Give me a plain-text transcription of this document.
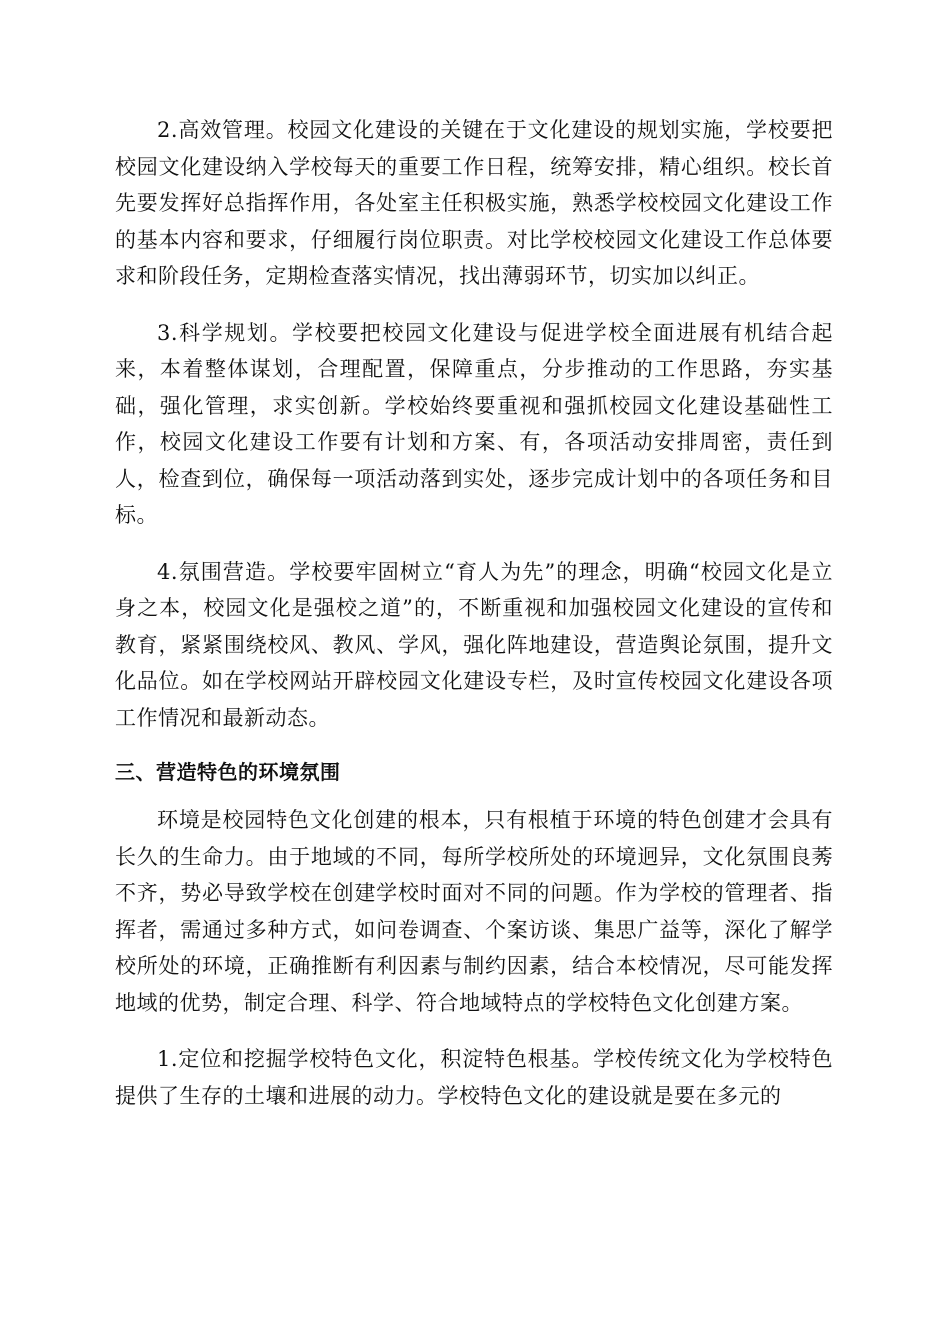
2.高效管理。校园文化建设的关键在于文化建设的规划实施，学校要把校园文化建设纳入学校每天的重要工作日程，统筹安排，精心组织。校长首先要发挥好总指挥作用，各处室主任积极实施，熟悉学校校园文化建设工作的基本内容和要求，仔细履行岗位职责。对比学校校园文化建设工作总体要求和阶段任务，定期检查落实情况，找出薄弱环节，切实加以纠正。

3.科学规划。学校要把校园文化建设与促进学校全面进展有机结合起来，本着整体谋划，合理配置，保障重点，分步推动的工作思路，夯实基础，强化管理，求实创新。学校始终要重视和强抓校园文化建设基础性工作，校园文化建设工作要有计划和方案、有，各项活动安排周密，责任到人，检查到位，确保每一项活动落到实处，逐步完成计划中的各项任务和目标。

4.氛围营造。学校要牢固树立“育人为先”的理念，明确“校园文化是立身之本，校园文化是强校之道”的，不断重视和加强校园文化建设的宣传和教育，紧紧围绕校风、教风、学风，强化阵地建设，营造舆论氛围，提升文化品位。如在学校网站开辟校园文化建设专栏，及时宣传校园文化建设各项工作情况和最新动态。

三、营造特色的环境氛围

环境是校园特色文化创建的根本，只有根植于环境的特色创建才会具有长久的生命力。由于地域的不同，每所学校所处的环境迥异，文化氛围良莠不齐，势必导致学校在创建学校时面对不同的问题。作为学校的管理者、指挥者，需通过多种方式，如问卷调查、个案访谈、集思广益等，深化了解学校所处的环境，正确推断有利因素与制约因素，结合本校情况，尽可能发挥地域的优势，制定合理、科学、符合地域特点的学校特色文化创建方案。

1.定位和挖掘学校特色文化，积淀特色根基。学校传统文化为学校特色提供了生存的土壤和进展的动力。学校特色文化的建设就是要在多元的
